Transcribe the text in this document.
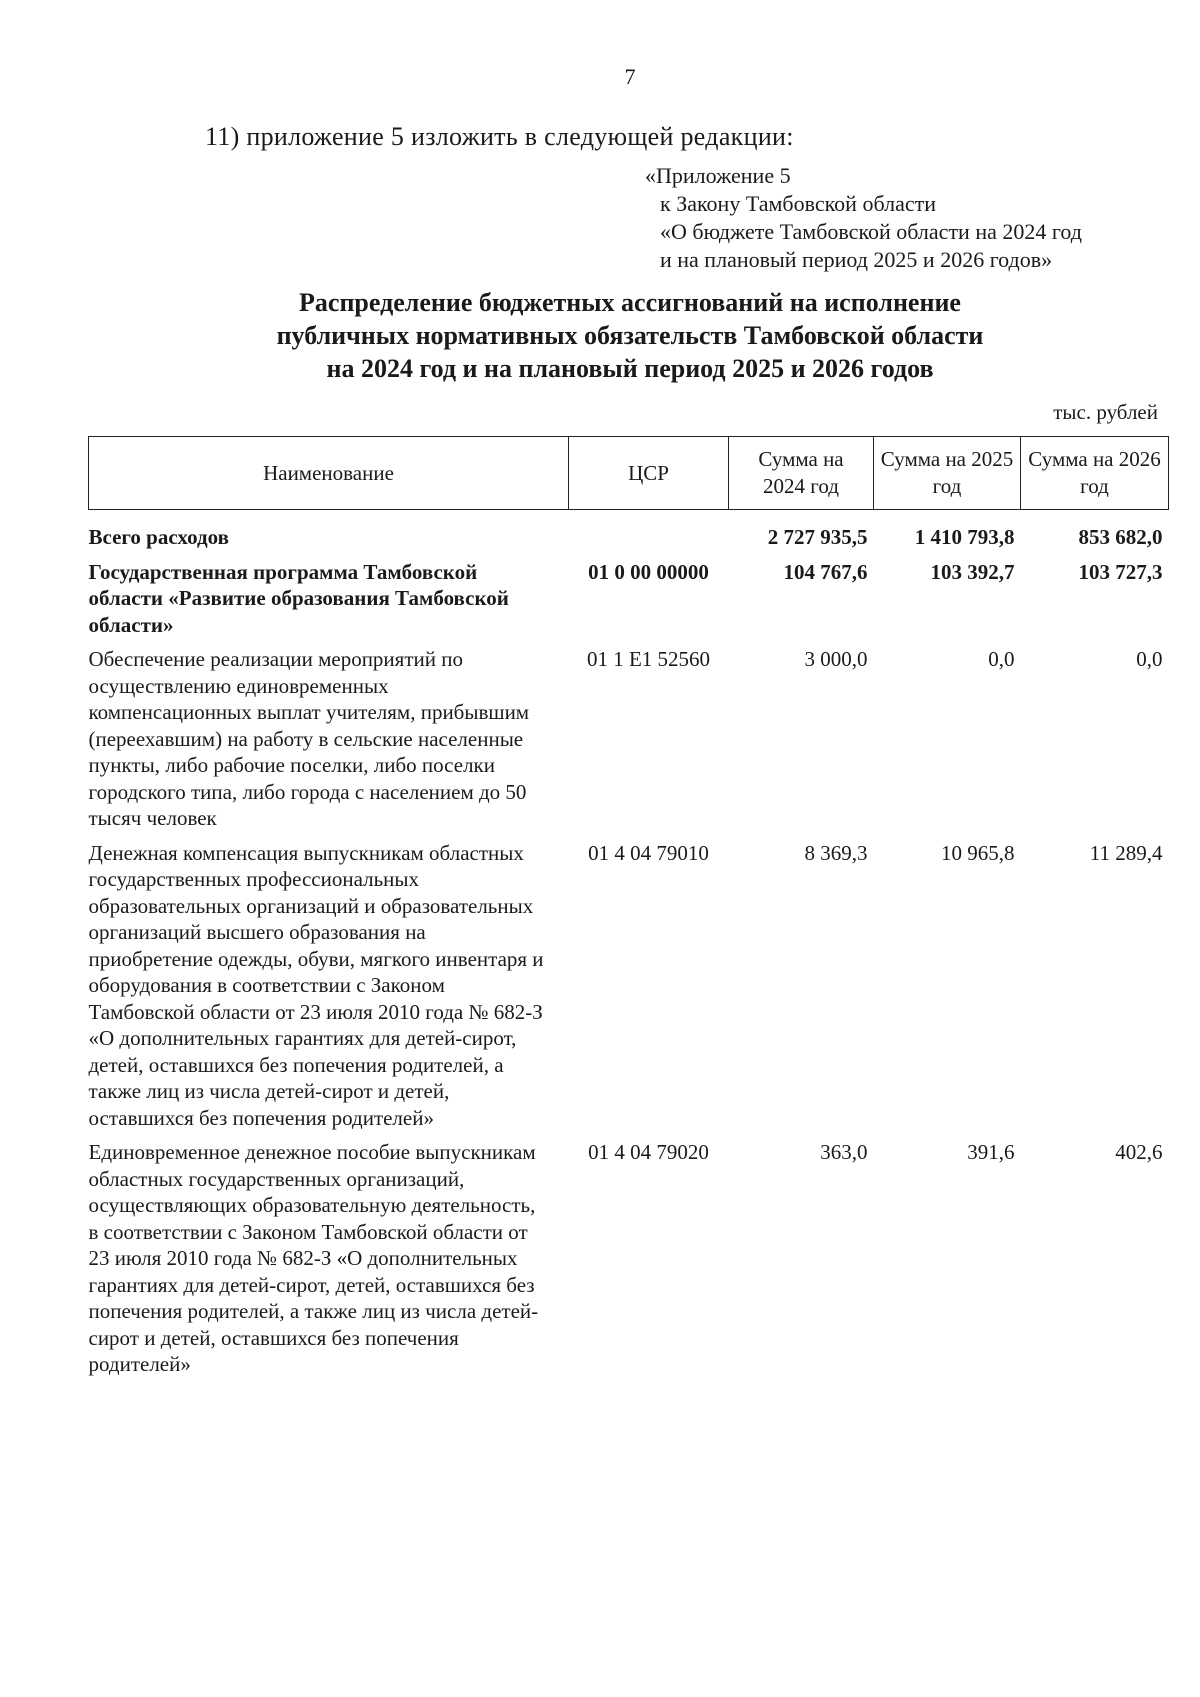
7
11) приложение 5 изложить в следующей редакции:
«Приложение 5
к Закону Тамбовской области
«О бюджете Тамбовской области на 2024 год
и на плановый период 2025 и 2026 годов»
Распределение бюджетных ассигнований на исполнение
публичных нормативных обязательств Тамбовской области
на 2024 год и на плановый период 2025 и 2026 годов
тыс. рублей
Наименование	ЦСР	Сумма на 2024 год	Сумма на 2025 год	Сумма на 2026 год

Всего расходов		2 727 935,5	1 410 793,8	853 682,0
Государственная программа Тамбовской области «Развитие образования Тамбовской области»	01 0 00 00000	104 767,6	103 392,7	103 727,3
Обеспечение реализации мероприятий по осуществлению единовременных компенсационных выплат учителям, прибывшим (переехавшим) на работу в сельские населенные пункты, либо рабочие поселки, либо поселки городского типа, либо города с населением до 50 тысяч человек	01 1 Е1 52560	3 000,0	0,0	0,0
Денежная компенсация выпускникам областных государственных профессиональных образовательных организаций и образовательных организаций высшего образования на приобретение одежды, обуви, мягкого инвентаря и оборудования в соответствии с Законом Тамбовской области от 23 июля 2010 года № 682-З «О дополнительных гарантиях для детей-сирот, детей, оставшихся без попечения родителей, а также лиц из числа детей-сирот и детей, оставшихся без попечения родителей»	01 4 04 79010	8 369,3	10 965,8	11 289,4
Единовременное денежное пособие выпускникам областных государственных организаций, осуществляющих образовательную деятельность, в соответствии с Законом Тамбовской области от 23 июля 2010 года № 682-З «О дополнительных гарантиях для детей-сирот, детей, оставшихся без попечения родителей, а также лиц из числа детей-сирот и детей, оставшихся без попечения родителей»	01 4 04 79020	363,0	391,6	402,6
